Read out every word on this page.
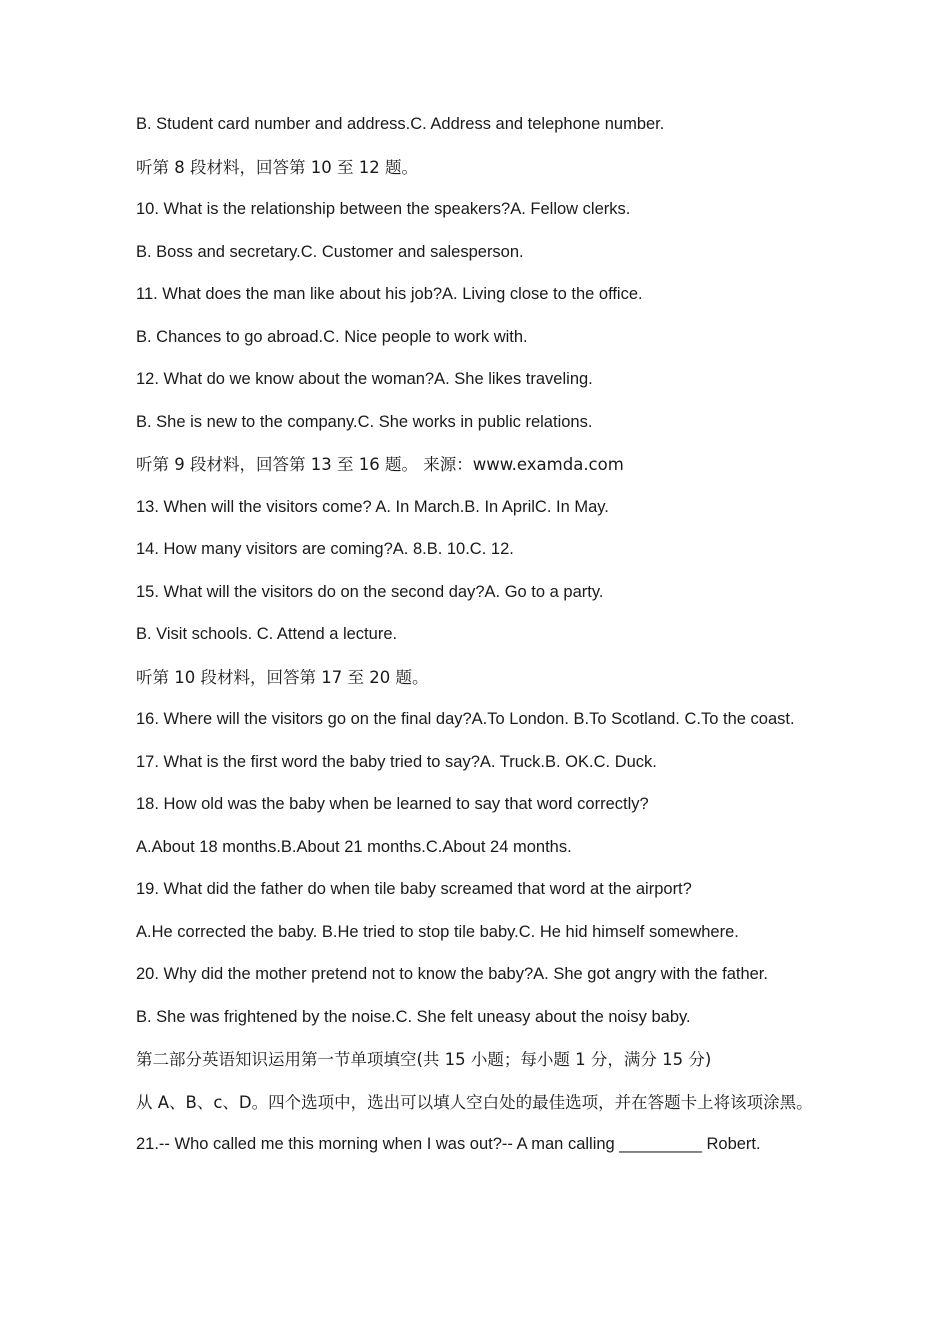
B. Student card number and address.C. Address and telephone number.

听第 8 段材料，回答第 10 至 12 题。

10. What is the relationship between the speakers?A. Fellow clerks.

B. Boss and secretary.C. Customer and salesperson.

11. What does the man like about his job?A. Living close to the office.

B. Chances to go abroad.C. Nice people to work with.

12. What do we know about the woman?A. She likes traveling.

B. She is new to the company.C. She works in public relations.

听第 9 段材料，回答第 13 至 16 题。 来源：www.examda.com

13. When will the visitors come? A. In March.B. In AprilC. In May.

14. How many visitors are coming?A. 8.B. 10.C. 12.

15. What will the visitors do on the second day?A. Go to a party.

B. Visit schools. C. Attend a lecture.

听第 10 段材料，回答第 17 至 20 题。

16. Where will the visitors go on the final day?A.To London. B.To Scotland. C.To the coast.

17. What is the first word the baby tried to say?A. Truck.B. OK.C. Duck.

18. How old was the baby when be learned to say that word correctly?

A.About 18 months.B.About 21 months.C.About 24 months.

19. What did the father do when tile baby screamed that word at the airport?

A.He corrected the baby. B.He tried to stop tile baby.C. He hid himself somewhere.

20. Why did the mother pretend not to know the baby?A. She got angry with the father.

B. She was frightened by the noise.C. She felt uneasy about the noisy baby.

第二部分英语知识运用第一节单项填空(共 15 小题；每小题 1 分，满分 15 分)

从 A、B、c、D。四个选项中，选出可以填人空白处的最佳选项，并在答题卡上将该项涂黑。

21.-- Who called me this morning when I was out?-- A man calling _________ Robert.
